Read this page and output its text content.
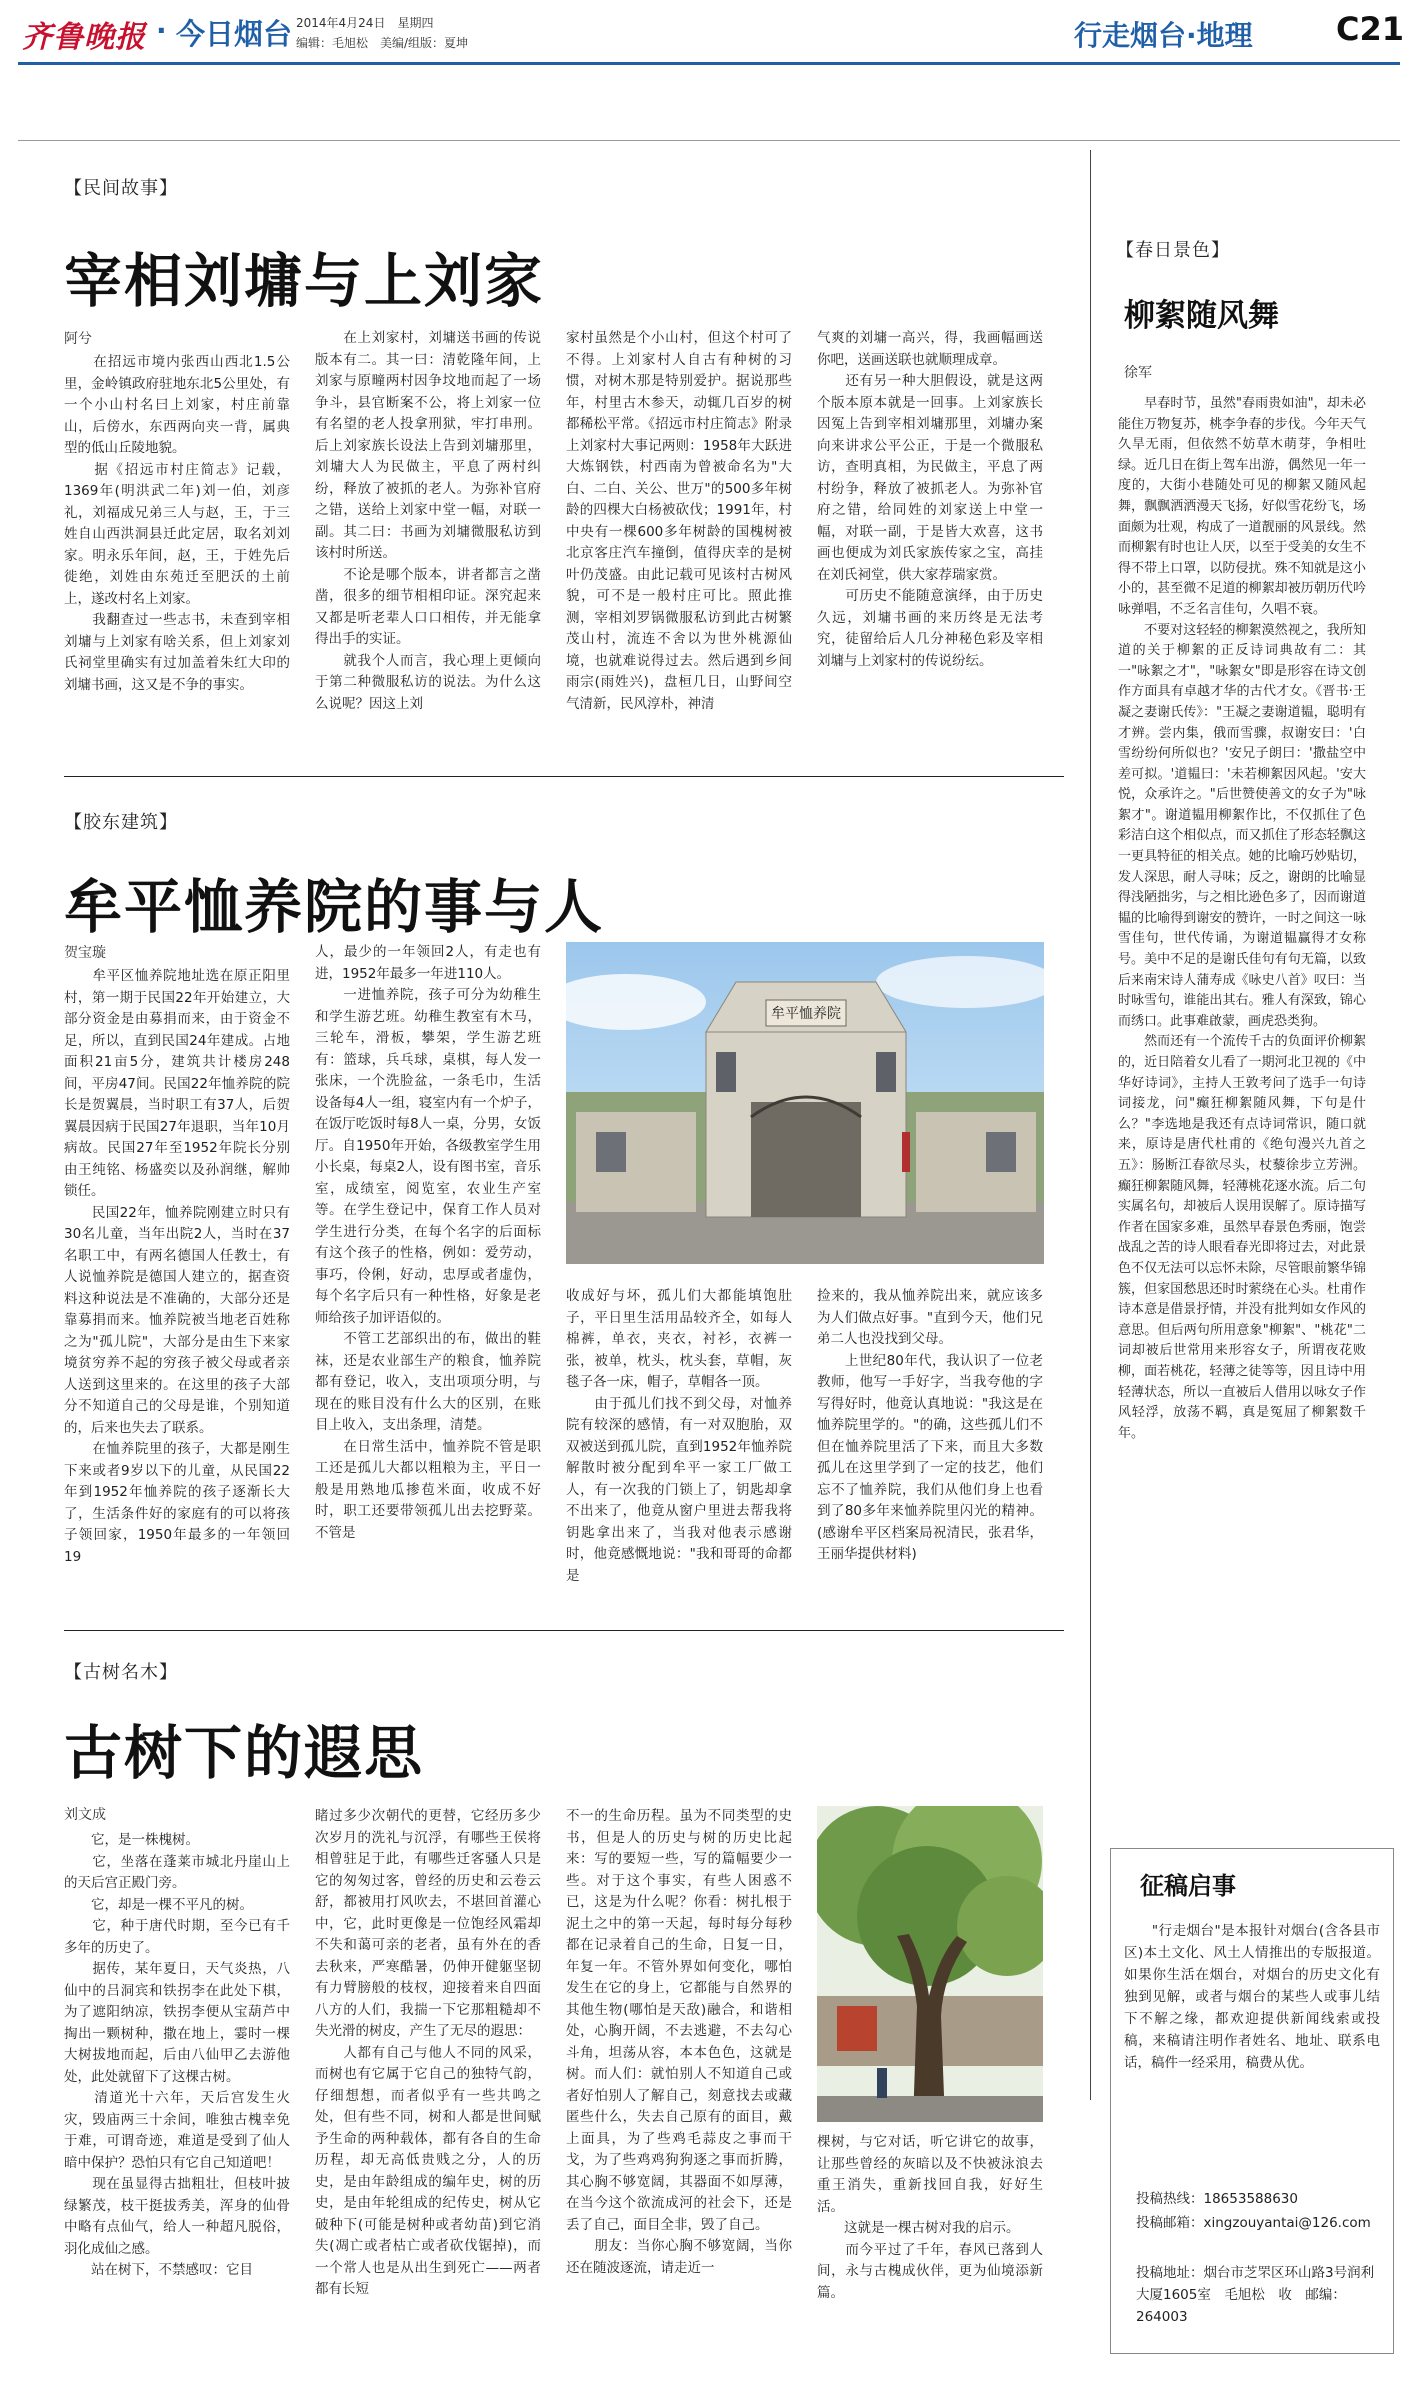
齐鲁晚报 · 今日烟台 2014年4月24日　星期四
编辑：毛旭松　美编/组版：夏坤	行走烟台·地理	C21
【民间故事】
宰相刘墉与上刘家
阿兮
　　在招远市境内张西山西北1.5公里，金岭镇政府驻地东北5公里处，有一个小山村名曰上刘家，村庄前靠山，后傍水，东西两向夹一背，属典型的低山丘陵地貌。
　　据《招远市村庄简志》记载，1369年(明洪武二年)刘一伯，刘彦礼，刘福成兄弟三人与赵，王，于三姓自山西洪洞县迁此定居，取名刘刘家。明永乐年间，赵，王，于姓先后徙绝，刘姓由东苑迁至肥沃的土前上，遂改村名上刘家。
　　我翻查过一些志书，未查到宰相刘墉与上刘家有啥关系，但上刘家刘氏祠堂里确实有过加盖着朱红大印的刘墉书画，这又是不争的事实。
　　在上刘家村，刘墉送书画的传说版本有二。其一曰：清乾隆年间，上刘家与原疃两村因争坟地而起了一场争斗，县官断案不公，将上刘家一位有名望的老人投拿刑狱，牢打串刑。后上刘家族长设法上告到刘墉那里，刘墉大人为民做主，平息了两村纠纷，释放了被抓的老人。为弥补官府之错，送给上刘家中堂一幅，对联一副。其二曰：书画为刘墉微服私访到该村时所送。
　　不论是哪个版本，讲者都言之凿凿，很多的细节相相印证。深究起来又都是听老辈人口口相传，并无能拿得出手的实证。
　　就我个人而言，我心理上更倾向于第二种微服私访的说法。为什么这么说呢？因这上刘
家村虽然是个小山村，但这个村可了不得。上刘家村人自古有种树的习惯，对树木那是特别爱护。据说那些年，村里古木参天，动辄几百岁的树都稀松平常。《招远市村庄简志》附录上刘家村大事记两则：1958年大跃进大炼钢铁，村西南为曾被命名为"大白、二白、关公、世万"的500多年树龄的四棵大白杨被砍伐；1991年，村中央有一棵600多年树龄的国槐树被北京客庄汽车撞倒，值得庆幸的是树叶仍茂盛。由此记载可见该村古树风貌，可不是一般村庄可比。照此推测，宰相刘罗锅微服私访到此古树繁茂山村，流连不舍以为世外桃源仙境，也就难说得过去。然后遇到乡间雨宗(雨姓兴)，盘桓几日，山野间空气清新，民风淳朴，神清
气爽的刘墉一高兴，得，我画幅画送你吧，送画送联也就顺理成章。
　　还有另一种大胆假设，就是这两个版本原本就是一回事。上刘家族长因冤上告到宰相刘墉那里，刘墉办案向来讲求公平公正，于是一个微服私访，查明真相，为民做主，平息了两村纷争，释放了被抓老人。为弥补官府之错，给同姓的刘家送上中堂一幅，对联一副，于是皆大欢喜，这书画也便成为刘氏家族传家之宝，高挂在刘氏祠堂，供大家荐瑞家赏。
　　可历史不能随意演绎，由于历史久远，刘墉书画的来历终是无法考究，徒留给后人几分神秘色彩及宰相刘墉与上刘家村的传说纷纭。
【春日景色】
柳絮随风舞
徐军
　　早春时节，虽然"春雨贵如油"，却未必能住万物复苏，桃李争春的步伐。今年天气久旱无雨，但依然不妨草木萌芽，争相吐绿。近几日在街上驾车出游，偶然见一年一度的，大街小巷随处可见的柳絮又随风起舞，飘飘洒洒漫天飞扬，好似雪花纷飞，场面颇为壮观，构成了一道靓丽的风景线。然而柳絮有时也让人厌，以至于受美的女生不得不带上口罩，以防侵扰。殊不知就是这小小的，甚至微不足道的柳絮却被历朝历代吟咏弹唱，不乏名言佳句，久唱不衰。
　　不要对这轻轻的柳絮漠然视之，我所知道的关于柳絮的正反诗词典故有二：其一"咏絮之才"，"咏絮女"即是形容在诗文创作方面具有卓越才华的古代才女。《晋书·王凝之妻谢氏传》："王凝之妻谢道韫，聪明有才辨。尝内集，俄而雪骤，叔谢安曰：'白雪纷纷何所似也？'安兄子朗曰：'撒盐空中差可拟。'道韫曰：'未若柳絮因风起。'安大悦，众承许之。"后世赞使善文的女子为"咏絮才"。谢道韫用柳絮作比，不仅抓住了色彩洁白这个相似点，而又抓住了形态轻飘这一更具特征的相关点。她的比喻巧妙贴切，发人深思，耐人寻味；反之，谢朗的比喻显得浅陋拙劣，与之相比逊色多了，因而谢道韫的比喻得到谢安的赞许，一时之间这一咏雪佳句，世代传诵，为谢道韫赢得才女称号。美中不足的是谢氏佳句有句无篇，以致后来南宋诗人蒲寿成《咏史八首》叹曰：当时咏雪句，谁能出其右。雅人有深致，锦心而绣口。此事难啟蒙，画虎恐类狗。
　　然而还有一个流传千古的负面评价柳絮的，近日陪着女儿看了一期河北卫视的《中华好诗词》，主持人王敦考问了选手一句诗词接龙，问"癫狂柳絮随风舞，下句是什么？"李选地是我还有点诗词常识，随口就来，原诗是唐代杜甫的《绝句漫兴九首之五》：肠断江春欲尽头，杖藜徐步立芳洲。癫狂柳絮随风舞，轻薄桃花逐水流。后二句实属名句，却被后人误用误解了。原诗描写作者在国家多难，虽然早春景色秀丽，饱尝战乱之苦的诗人眼看春光即将过去，对此景色不仅无法可以忘怀未除，尽管眼前繁华锦簇，但家国愁思还时时萦绕在心头。杜甫作诗本意是借景抒情，并没有批判如女作风的意思。但后两句所用意象"柳絮"、"桃花"二词却被后世常用来形容女子，所谓夜花败柳，面若桃花，轻薄之徒等等，因且诗中用轻薄状态，所以一直被后人借用以咏女子作风轻浮，放荡不羁，真是冤屈了柳絮数千年。
【胶东建筑】
牟平恤养院的事与人
贺宝璇
　　牟平区恤养院地址选在原正阳里村，第一期于民国22年开始建立，大部分资金是由募捐而来，由于资金不足，所以，直到民国24年建成。占地面积21亩5分，建筑共计楼房248间，平房47间。民国22年恤养院的院长是贺翼晨，当时职工有37人，后贺翼晨因病于民国27年退职，当年10月病故。民国27年至1952年院长分别由王纯铭、杨盛奕以及孙润继，解帅锁任。
　　民国22年，恤养院刚建立时只有30名儿童，当年出院2人，当时在37名职工中，有两名德国人任教士，有人说恤养院是德国人建立的，据查资料这种说法是不准确的，大部分还是靠募捐而来。恤养院被当地老百姓称之为"孤儿院"，大部分是由生下来家境贫穷养不起的穷孩子被父母或者亲人送到这里来的。在这里的孩子大部分不知道自己的父母是谁，个别知道的，后来也失去了联系。
　　在恤养院里的孩子，大都是刚生下来或者9岁以下的儿童，从民国22年到1952年恤养院的孩子逐渐长大了，生活条件好的家庭有的可以将孩子领回家，1950年最多的一年领回19
人，最少的一年领回2人，有走也有进，1952年最多一年进110人。
　　一进恤养院，孩子可分为幼稚生和学生游艺班。幼稚生教室有木马，三轮车，滑板，攀架，学生游艺班有：篮球，兵乓球，桌棋，每人发一张床，一个洗脸盆，一条毛巾，生活设备每4人一组，寝室内有一个炉子，在饭厅吃饭时每8人一桌，分男，女饭厅。自1950年开始，各级教室学生用小长桌，每桌2人，设有图书室，音乐室，成绩室，阅览室，农业生产室等。在学生登记中，保育工作人员对学生进行分类，在每个名字的后面标有这个孩子的性格，例如：爱劳动，事巧，伶俐，好动，忠厚或者虚伪，每个名字后只有一种性格，好象是老师给孩子加评语似的。
　　不管工艺部织出的布，做出的鞋袜，还是农业部生产的粮食，恤养院都有登记，收入，支出项项分明，与现在的账目没有什么大的区别，在账目上收入，支出条理，清楚。
　　在日常生活中，恤养院不管是职工还是孤儿大都以粗粮为主，平日一般是用熟地瓜掺苞米面，收成不好时，职工还要带领孤儿出去挖野菜。不管是
牟平恤养院
收成好与坏，孤儿们大都能填饱肚子，平日里生活用品较齐全，如每人棉裤，单衣，夹衣，衬衫，衣裤一张，被单，枕头，枕头套，草帽，灰毯子各一床，帽子，草帽各一顶。
　　由于孤儿们找不到父母，对恤养院有较深的感情，有一对双胞胎，双双被送到孤儿院，直到1952年恤养院解散时被分配到牟平一家工厂做工人，有一次我的门锁上了，钥匙却拿不出来了，他竟从窗户里进去帮我将钥匙拿出来了，当我对他表示感谢时，他竟感慨地说："我和哥哥的命都是
捡来的，我从恤养院出来，就应该多为人们做点好事。"直到今天，他们兄弟二人也没找到父母。
　　上世纪80年代，我认识了一位老教师，他写一手好字，当我夸他的字写得好时，他竟认真地说："我这是在恤养院里学的。"的确，这些孤儿们不但在恤养院里活了下来，而且大多数孤儿在这里学到了一定的技艺，他们忘不了恤养院，我们从他们身上也看到了80多年来恤养院里闪光的精神。(感谢牟平区档案局祝清民，张君华，王丽华提供材料)
【古树名木】
古树下的遐思
刘文成
　　它，是一株槐树。
　　它，坐落在蓬莱市城北丹崖山上的天后宫正殿门旁。
　　它，却是一棵不平凡的树。
　　它，种于唐代时期，至今已有千多年的历史了。
　　据传，某年夏日，天气炎热，八仙中的吕洞宾和铁拐李在此处下棋，为了遮阳纳凉，铁拐李便从宝葫芦中掏出一颗树种，撒在地上，霎时一棵大树拔地而起，后由八仙甲乙去游他处，此处就留下了这棵古树。
　　清道光十六年，天后宫发生火灾，毁庙两三十余间，唯独古槐幸免于难，可谓奇迹，难道是受到了仙人暗中保护？恐怕只有它自己知道吧！
　　现在虽显得古拙粗壮，但枝叶披绿繁茂，枝干挺拔秀美，浑身的仙骨中略有点仙气，给人一种超凡脱俗，羽化成仙之感。
　　站在树下，不禁感叹：它目
睹过多少次朝代的更替，它经历多少次岁月的洗礼与沉浮，有哪些王侯将相曾驻足于此，有哪些迁客骚人只是它的匆匆过客，曾经的历史和云卷云舒，都被用打风吹去，不堪回首灌心中，它，此时更像是一位饱经风霜却不失和蔼可亲的老者，虽有外在的香去秋来，严寒酷暑，仍伸开健躯坚韧有力臂膀般的枝杈，迎接着来自四面八方的人们，我揣一下它那粗糙却不失光滑的树皮，产生了无尽的遐思：
　　人都有自己与他人不同的风采，而树也有它属于它自己的独特气韵，仔细想想，而者似乎有一些共鸣之处，但有些不同，树和人都是世间赋予生命的两种载体，都有各自的生命历程，却无高低贵贱之分，人的历史，是由年龄组成的编年史，树的历史，是由年轮组成的纪传史，树从它破种下(可能是树种或者幼苗)到它消失(凋亡或者枯亡或者砍伐锯掉)，而一个常人也是从出生到死亡——两者都有长短
不一的生命历程。虽为不同类型的史书，但是人的历史与树的历史比起来：写的要短一些，写的篇幅要少一些。对于这个事实，有些人困惑不已，这是为什么呢？你看：树扎根于泥土之中的第一天起，每时每分每秒都在记录着自己的生命，日复一日，年复一年。不管外界如何变化，哪怕发生在它的身上，它都能与自然界的其他生物(哪怕是天敌)融合，和谐相处，心胸开阔，不去逃避，不去勾心斗角，坦荡从容，本本色色，这就是树。而人们：就怕别人不知道自己或者好怕别人了解自己，刻意找去或藏匿些什么，失去自己原有的面目，戴上面具，为了些鸡毛蒜皮之事而干戈，为了些鸡鸡狗狗逐之事而折腾，其心胸不够宽阔，其器面不如厚薄，在当今这个欲流成河的社会下，还是丢了自己，面目全非，毁了自己。
　　朋友：当你心胸不够宽阔，当你还在随波逐流，请走近一
棵树，与它对话，听它讲它的故事，让那些曾经的灰暗以及不快被泳浪去重王消失，重新找回自我，好好生活。
　　这就是一棵古树对我的启示。
　　而今平过了千年，春风已落到人间，永与古槐成伙伴，更为仙境添新篇。
征稿启事
　　"行走烟台"是本报针对烟台(含各县市区)本土文化、风土人情推出的专版报道。如果你生活在烟台，对烟台的历史文化有独到见解，或者与烟台的某些人或事儿结下不解之缘，都欢迎提供新闻线索或投稿，来稿请注明作者姓名、地址、联系电话，稿件一经采用，稿费从优。
投稿热线：18653588630
投稿邮箱：xingzouyantai@126.com
投稿地址：烟台市芝罘区环山路3号润利大厦1605室　毛旭松　收　邮编：264003
